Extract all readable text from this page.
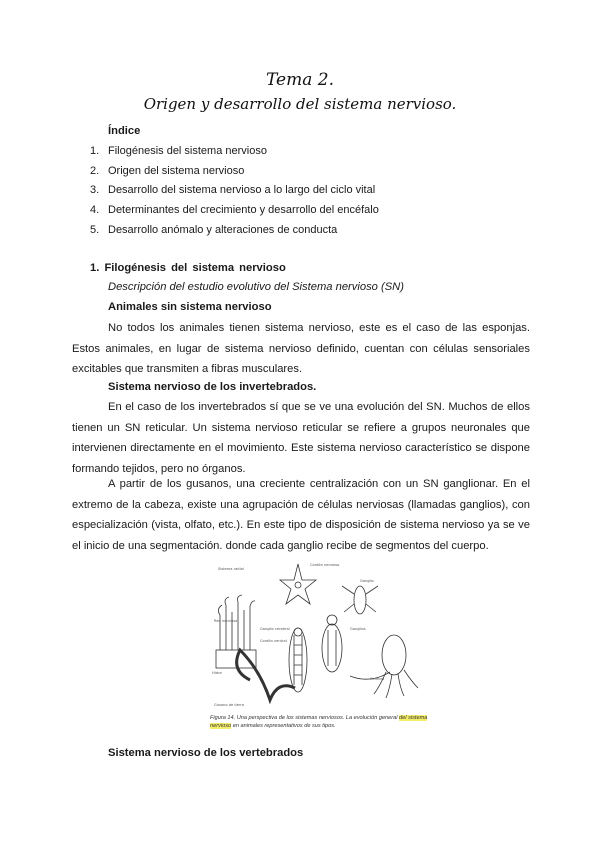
Tema 2.
Origen y desarrollo del sistema nervioso.
Índice
1. Filogénesis del sistema nervioso
2. Origen del sistema nervioso
3. Desarrollo del sistema nervioso a lo largo del ciclo vital
4. Determinantes del crecimiento y desarrollo del encéfalo
5. Desarrollo anómalo y alteraciones de conducta
1. Filogénesis del sistema nervioso
Descripción del estudio evolutivo del Sistema nervioso (SN)
Animales sin sistema nervioso
No todos los animales tienen sistema nervioso, este es el caso de las esponjas. Estos animales, en lugar de sistema nervioso definido, cuentan con células sensoriales excitables que transmiten a fibras musculares.
Sistema nervioso de los invertebrados.
En el caso de los invertebrados sí que se ve una evolución del SN. Muchos de ellos tienen un SN reticular. Un sistema nervioso reticular se refiere a grupos neuronales que intervienen directamente en el movimiento. Este sistema nervioso característico se dispone formando tejidos, pero no órganos.
A partir de los gusanos, una creciente centralización con un SN ganglionar. En el extremo de la cabeza, existe una agrupación de células nerviosas (llamadas ganglios), con especialización (vista, olfato, etc.). En este tipo de disposición de sistema nervioso ya se ve el inicio de una segmentación. donde cada ganglio recibe de segmentos del cuerpo.
Sistema radial
Cordón nervioso
Ganglio
Red nerviosa
Ganglio cerebral
Cordón ventral
Ganglios
Cerebro
Hidra
Gusano de tierra
Figura 14. Una perspectiva de los sistemas nerviosos. La evolución general del sistema nervioso en animales representativos de sus tipos.
Sistema nervioso de los vertebrados
